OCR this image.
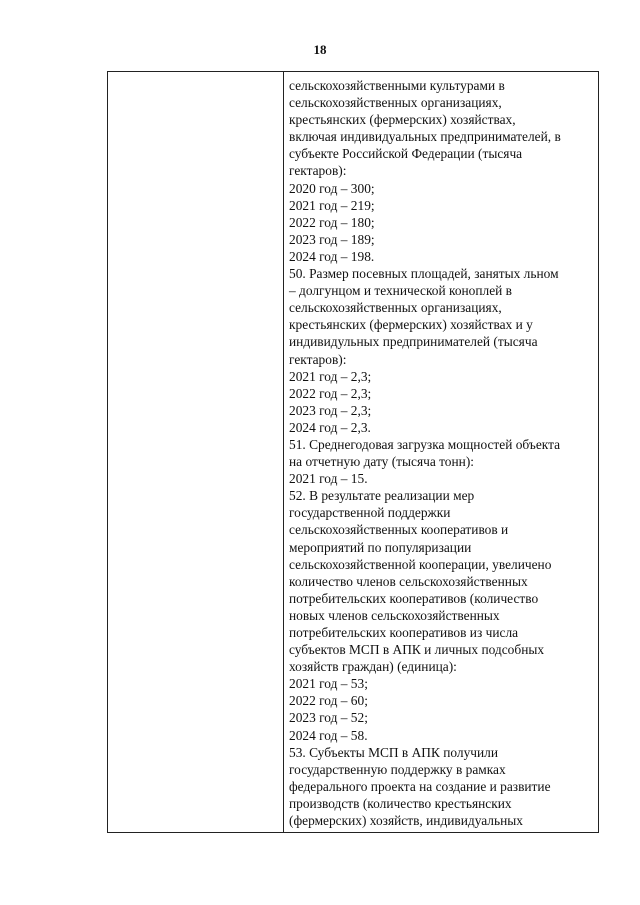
18
сельскохозяйственными культурами в
сельскохозяйственных организациях,
крестьянских (фермерских) хозяйствах,
включая индивидуальных предпринимателей, в
субъекте Российской Федерации (тысяча
гектаров):
2020 год – 300;
2021 год – 219;
2022 год – 180;
2023 год – 189;
2024 год – 198.
50. Размер посевных площадей, занятых льном
– долгунцом и технической коноплей в
сельскохозяйственных организациях,
крестьянских (фермерских) хозяйствах и у
индивидульных предпринимателей (тысяча
гектаров):
2021 год – 2,3;
2022 год – 2,3;
2023 год – 2,3;
2024 год – 2,3.
51. Среднегодовая загрузка мощностей объекта
на отчетную дату (тысяча тонн):
2021 год – 15.
52. В результате реализации мер
государственной поддержки
сельскохозяйственных кооперативов и
мероприятий по популяризации
сельскохозяйственной кооперации, увеличено
количество членов сельскохозяйственных
потребительских кооперативов (количество
новых членов сельскохозяйственных
потребительских кооперативов из числа
субъектов МСП в АПК и личных подсобных
хозяйств граждан) (единица):
2021 год – 53;
2022 год – 60;
2023 год – 52;
2024 год – 58.
53. Субъекты МСП в АПК получили
государственную поддержку в рамках
федерального проекта на создание и развитие
производств (количество крестьянских
(фермерских) хозяйств, индивидуальных
